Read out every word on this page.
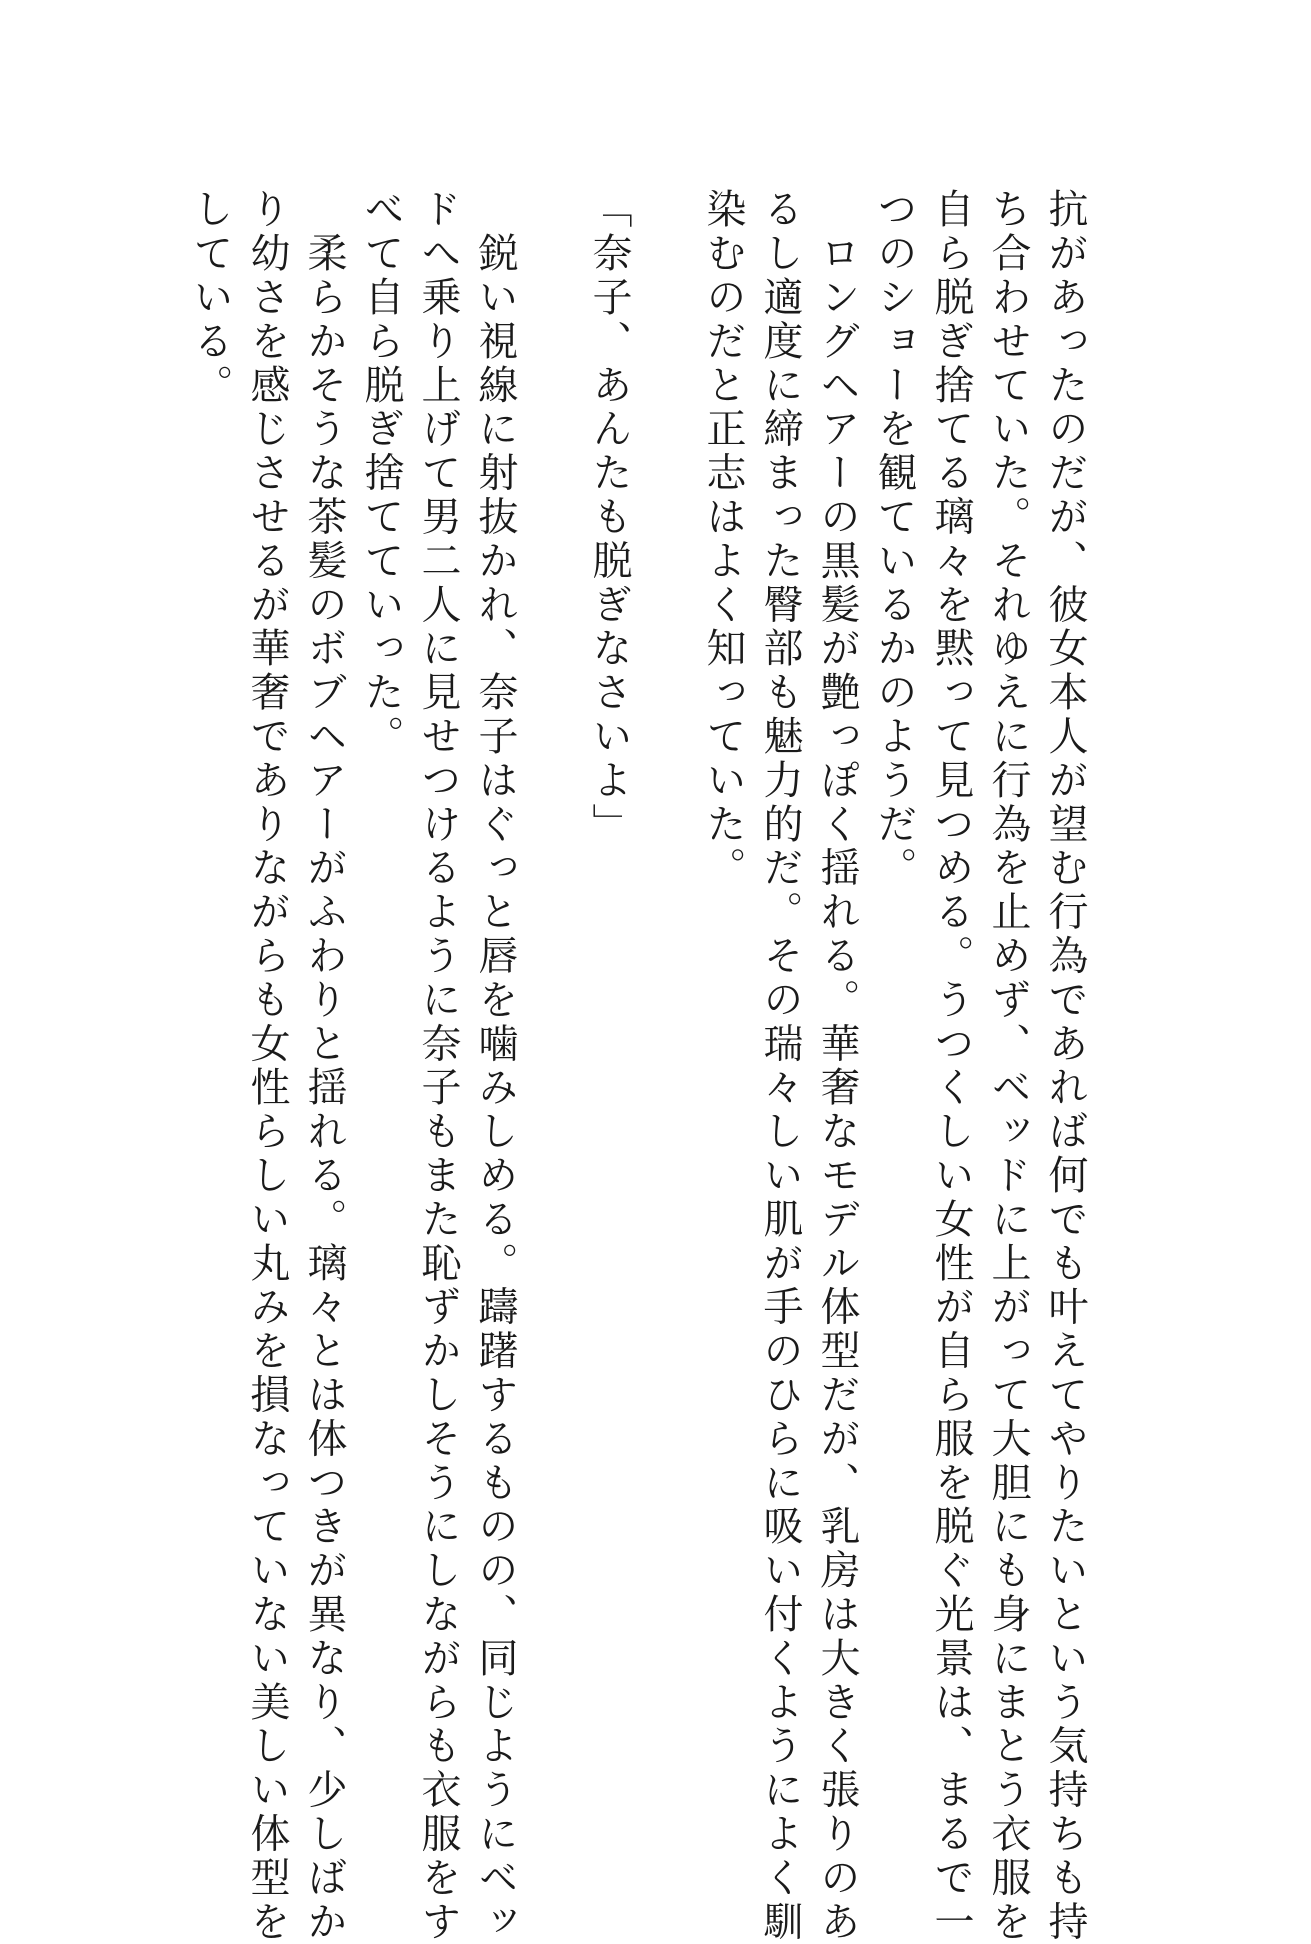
抗があったのだが、彼女本人が望む行為であれば何でも叶えてやりたいという気持ちも持
ち合わせていた。それゆえに行為を止めず、ベッドに上がって大胆にも身にまとう衣服を
自ら脱ぎ捨てる璃々を黙って見つめる。うつくしい女性が自ら服を脱ぐ光景は、まるで一
つのショーを観ているかのようだ。
　ロングヘアーの黒髪が艶っぽく揺れる。華奢なモデル体型だが、乳房は大きく張りのあ
るし適度に締まった臀部も魅力的だ。その瑞々しい肌が手のひらに吸い付くようによく馴
染むのだと正志はよく知っていた。
「奈子、あんたも脱ぎなさいよ」
　鋭い視線に射抜かれ、奈子はぐっと唇を噛みしめる。躊躇するものの、同じようにベッ
ドへ乗り上げて男二人に見せつけるように奈子もまた恥ずかしそうにしながらも衣服をす
べて自ら脱ぎ捨てていった。
　柔らかそうな茶髪のボブヘアーがふわりと揺れる。璃々とは体つきが異なり、少しばか
り幼さを感じさせるが華奢でありながらも女性らしい丸みを損なっていない美しい体型を
している。
